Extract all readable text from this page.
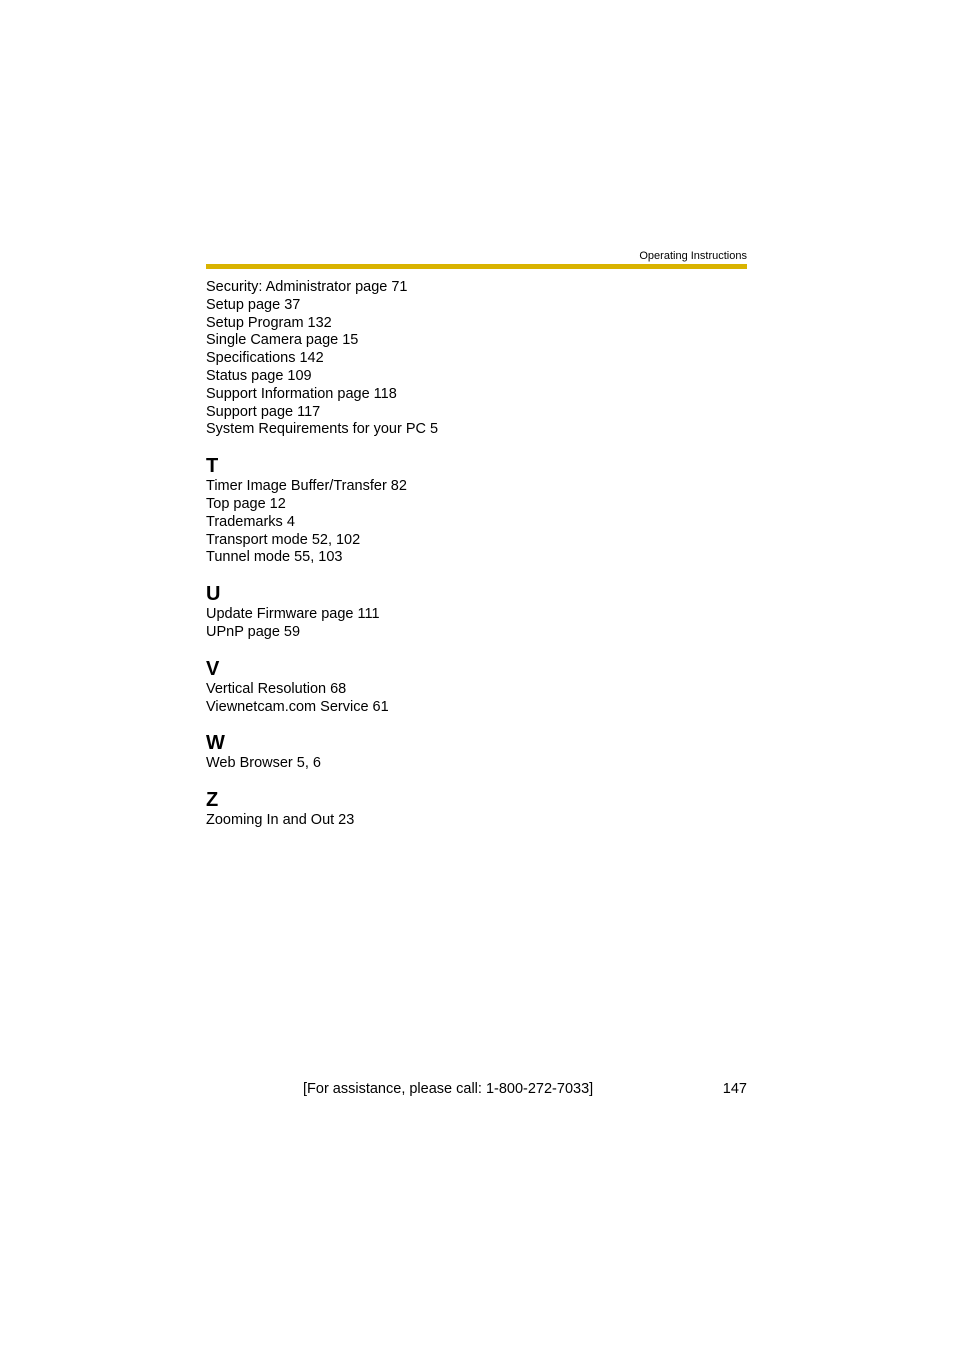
Operating Instructions
Security: Administrator page 71
Setup page 37
Setup Program 132
Single Camera page 15
Specifications 142
Status page 109
Support Information page 118
Support page 117
System Requirements for your PC 5
T
Timer Image Buffer/Transfer 82
Top page 12
Trademarks 4
Transport mode 52, 102
Tunnel mode 55, 103
U
Update Firmware page 111
UPnP page 59
V
Vertical Resolution 68
Viewnetcam.com Service 61
W
Web Browser 5, 6
Z
Zooming In and Out 23
[For assistance, please call: 1-800-272-7033]	147
